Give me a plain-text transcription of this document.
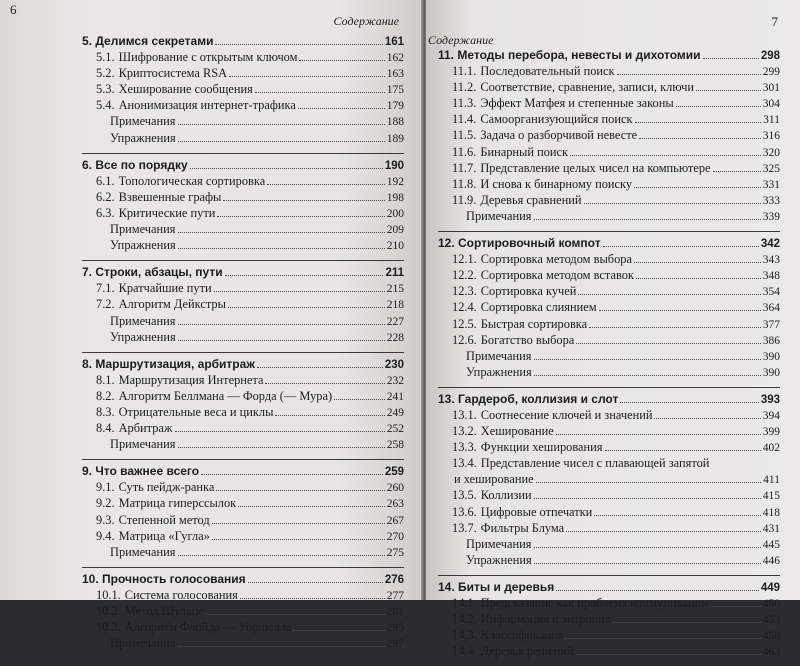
6
Содержание
5. Делимся секретами	161
5.1. Шифрование с открытым ключом	162
5.2. Криптосистема RSA	163
5.3. Хеширование сообщения	175
5.4. Анонимизация интернет-трафика	179
Примечания	188
Упражнения	189
6. Все по порядку	190
6.1. Топологическая сортировка	192
6.2. Взвешенные графы	198
6.3. Критические пути	200
Примечания	209
Упражнения	210
7. Строки, абзацы, пути	211
7.1. Кратчайшие пути	215
7.2. Алгоритм Дейкстры	218
Примечания	227
Упражнения	228
8. Маршрутизация, арбитраж	230
8.1. Маршрутизация Интернета	232
8.2. Алгоритм Беллмана — Форда (— Мура)	241
8.3. Отрицательные веса и циклы	249
8.4. Арбитраж	252
Примечания	258
9. Что важнее всего	259
9.1. Суть пейдж-ранка	260
9.2. Матрица гиперссылок	263
9.3. Степенной метод	267
9.4. Матрица «Гугла»	270
Примечания	275
10. Прочность голосования	276
10.1. Система голосования	277
10.2. Метод Шульце	281
10.3. Алгоритм Флойда — Уоршелла	295
Примечания	297
7
Содержание
11. Методы перебора, невесты и дихотомии	298
11.1. Последовательный поиск	299
11.2. Соответствие, сравнение, записи, ключи	301
11.3. Эффект Матфея и степенные законы	304
11.4. Самоорганизующийся поиск	311
11.5. Задача о разборчивой невесте	316
11.6. Бинарный поиск	320
11.7. Представление целых чисел на компьютере	325
11.8. И снова к бинарному поиску	331
11.9. Деревья сравнений	333
Примечания	339
12. Сортировочный компот	342
12.1. Сортировка методом выбора	343
12.2. Сортировка методом вставок	348
12.3. Сортировка кучей	354
12.4. Сортировка слиянием	364
12.5. Быстрая сортировка	377
12.6. Богатство выбора	386
Примечания	390
Упражнения	390
13. Гардероб, коллизия и слот	393
13.1. Соотнесение ключей и значений	394
13.2. Хеширование	399
13.3. Функции хеширования	402
13.4. Представление чисел с плавающей запятой
и хеширование	411
13.5. Коллизии	415
13.6. Цифровые отпечатки	418
13.7. Фильтры Блума	431
Примечания	445
Упражнения	446
14. Биты и деревья	449
14.1. Предсказание как проблема коммуникации	450
14.2. Информация и энтропия	453
14.3. Классификация	458
14.4. Деревья решений	463
